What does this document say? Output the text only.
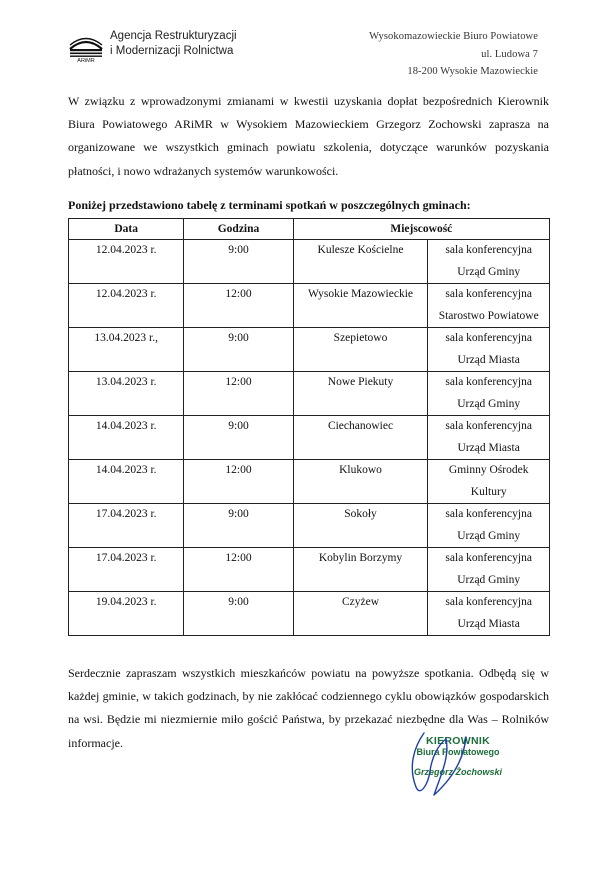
ARiMR
Agencja Restrukturyzacji
i Modernizacji Rolnictwa
Wysokomazowieckie Biuro Powiatowe
ul. Ludowa 7
18-200 Wysokie Mazowieckie

W związku z wprowadzonymi zmianami w kwestii uzyskania dopłat bezpośrednich Kierownik Biura Powiatowego ARiMR w Wysokiem Mazowieckiem Grzegorz Zochowski zaprasza na organizowane we wszystkich gminach powiatu szkolenia, dotyczące warunków pozyskania płatności, i nowo wdrażanych systemów warunkowości.

Poniżej przedstawiono tabelę z terminami spotkań w poszczególnych gminach:
Data	Godzina	Miejscowość	
12.04.2023 r.	9:00	Kulesze Kościelne	sala konferencyjna
Urząd Gminy

12.04.2023 r.	12:00	Wysokie Mazowieckie	sala konferencyjna
Starostwo Powiatowe

13.04.2023 r.,	9:00	Szepietowo	sala konferencyjna
Urząd Miasta

13.04.2023 r.	12:00	Nowe Piekuty	sala konferencyjna
Urząd Gminy

14.04.2023 r.	9:00	Ciechanowiec	sala konferencyjna
Urząd Miasta

14.04.2023 r.	12:00	Klukowo	Gminny Ośrodek
Kultury

17.04.2023 r.	9:00	Sokoły	sala konferencyjna
Urząd Gminy

17.04.2023 r.	12:00	Kobylin Borzymy	sala konferencyjna
Urząd Gminy

19.04.2023 r.	9:00	Czyżew	sala konferencyjna
Urząd Miasta

Serdecznie zapraszam wszystkich mieszkańców powiatu na powyższe spotkania. Odbędą się w każdej gminie, w takich godzinach, by nie zakłócać codziennego cyklu obowiązków gospodarskich na wsi. Będzie mi niezmiernie miło gościć Państwa, by przekazać niezbędne dla Was – Rolników informacje.	KIEROWNIK
Biura Powiatowego
Grzegorz Żochowski
